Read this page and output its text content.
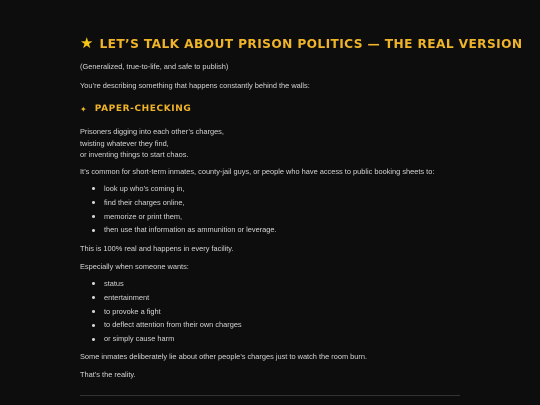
★ LET’S TALK ABOUT PRISON POLITICS — THE REAL VERSION
(Generalized, true-to-life, and safe to publish)
You’re describing something that happens constantly behind the walls:
✦ PAPER-CHECKING
Prisoners digging into each other’s charges,
twisting whatever they find,
or inventing things to start chaos.
It’s common for short-term inmates, county-jail guys, or people who have access to public booking sheets to:
look up who’s coming in,
find their charges online,
memorize or print them,
then use that information as ammunition or leverage.
This is 100% real and happens in every facility.
Especially when someone wants:
status
entertainment
to provoke a fight
to deflect attention from their own charges
or simply cause harm
Some inmates deliberately lie about other people’s charges just to watch the room burn.
That’s the reality.
